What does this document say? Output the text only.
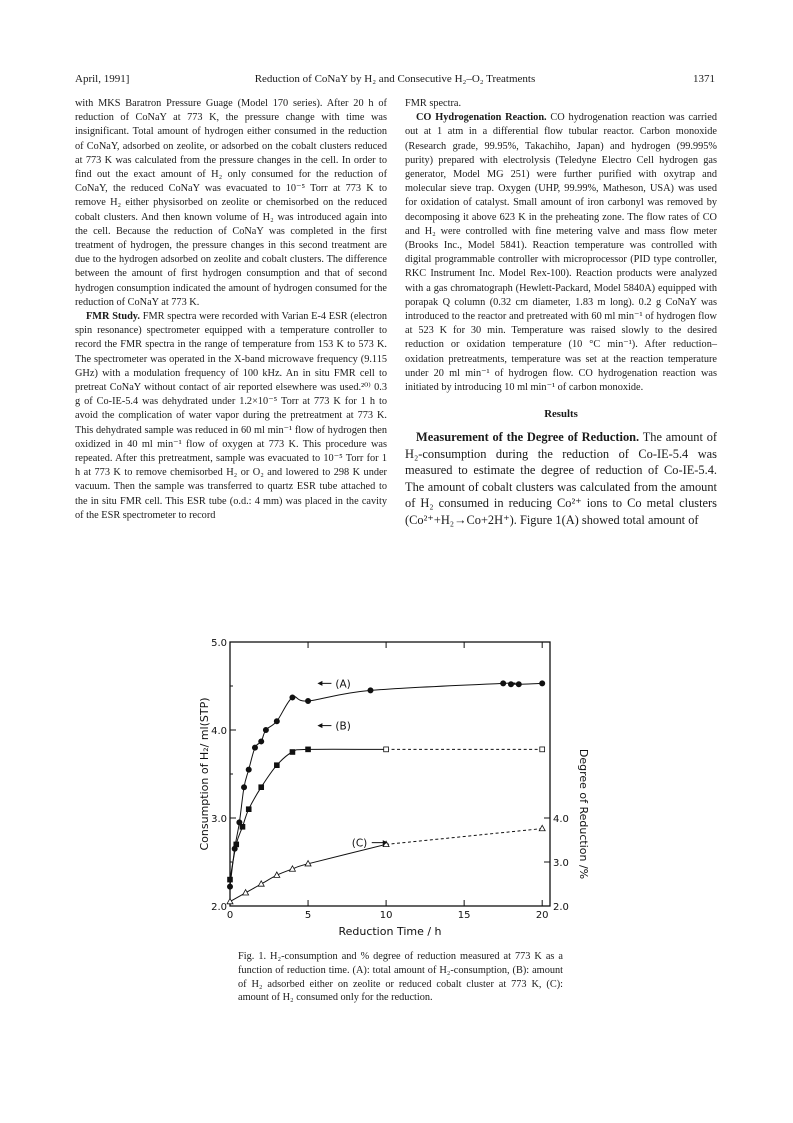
April, 1991]	Reduction of CoNaY by H₂ and Consecutive H₂–O₂ Treatments	1371

with MKS Baratron Pressure Guage (Model 170 series). After 20 h of reduction of CoNaY at 773 K, the pressure change with time was insignificant. Total amount of hydrogen either consumed in the reduction of CoNaY, adsorbed on zeolite, or adsorbed on the cobalt clusters reduced at 773 K was calculated from the pressure changes in the cell. In order to find out the exact amount of H₂ only consumed for the reduction of CoNaY, the reduced CoNaY was evacuated to 10⁻⁵ Torr at 773 K to remove H₂ either physisorbed on zeolite or chemisorbed on the reduced cobalt clusters. And then known volume of H₂ was introduced again into the cell. Because the reduction of CoNaY was completed in the first treatment of hydrogen, the pressure changes in this second treatment are due to the hydrogen adsorbed on zeolite and cobalt clusters. The difference between the amount of first hydrogen consumption and that of second hydrogen consumption indicated the amount of hydrogen consumed for the reduction of CoNaY at 773 K.

FMR Study. FMR spectra were recorded with Varian E-4 ESR (electron spin resonance) spectrometer equipped with a temperature controller to record the FMR spectra in the range of temperature from 153 K to 573 K. The spectrometer was operated in the X-band microwave frequency (9.115 GHz) with a modulation frequency of 100 kHz. An in situ FMR cell to pretreat CoNaY without contact of air reported elsewhere was used.²⁰⁾ 0.3 g of Co-IE-5.4 was dehydrated under 1.2×10⁻⁵ Torr at 773 K for 1 h to avoid the complication of water vapor during the pretreatment at 773 K. This dehydrated sample was reduced in 60 ml min⁻¹ flow of hydrogen then oxidized in 40 ml min⁻¹ flow of oxygen at 773 K. This procedure was repeated. After this pretreatment, sample was evacuated to 10⁻⁵ Torr for 1 h at 773 K to remove chemisorbed H₂ or O₂ and lowered to 298 K under vacuum. Then the sample was transferred to quartz ESR tube attached to the in situ FMR cell. This ESR tube (o.d.: 4 mm) was placed in the cavity of the ESR spectrometer to record

FMR spectra.

CO Hydrogenation Reaction. CO hydrogenation reaction was carried out at 1 atm in a differential flow tubular reactor. Carbon monoxide (Research grade, 99.95%, Takachiho, Japan) and hydrogen (99.995% purity) prepared with electrolysis (Teledyne Electro Cell hydrogen gas generator, Model MG 251) were further purified with oxytrap and molecular sieve trap. Oxygen (UHP, 99.99%, Matheson, USA) was used for oxidation of catalyst. Small amount of iron carbonyl was removed by decomposing it above 623 K in the preheating zone. The flow rates of CO and H₂ were controlled with fine metering valve and mass flow meter (Brooks Inc., Model 5841). Reaction temperature was controlled with digital programmable controller with microprocessor (PID type controller, RKC Instrument Inc. Model Rex-100). Reaction products were analyzed with a gas chromatograph (Hewlett-Packard, Model 5840A) equipped with porapak Q column (0.32 cm diameter, 1.83 m long). 0.2 g CoNaY was introduced to the reactor and pretreated with 60 ml min⁻¹ of hydrogen flow at 523 K for 30 min. Temperature was raised slowly to the desired reduction or oxidation temperature (10 °C min⁻¹). After reduction–oxidation pretreatments, temperature was set at the reaction temperature under 20 ml min⁻¹ of hydrogen flow. CO hydrogenation reaction was initiated by introducing 10 ml min⁻¹ of carbon monoxide.

Results

Measurement of the Degree of Reduction. The amount of H₂-consumption during the reduction of Co-IE-5.4 was measured to estimate the degree of reduction of Co-IE-5.4. The amount of cobalt clusters was calculated from the amount of H₂ consumed in reducing Co²⁺ ions to Co metal clusters (Co²⁺+H₂→Co+2H⁺). Figure 1(A) showed total amount of

0	5	10	15	20
2.0
3.0
4.0
5.0
2.0
3.0
4.0
Reduction Time / h
Consumption of H₂/ ml(STP)	Degree of Reduction /%
(A)
(B)
(C)
Fig. 1. H₂-consumption and % degree of reduction measured at 773 K as a function of reduction time. (A): total amount of H₂-consumption, (B): amount of H₂ adsorbed either on zeolite or reduced cobalt cluster at 773 K, (C): amount of H₂ consumed only for the reduction.
